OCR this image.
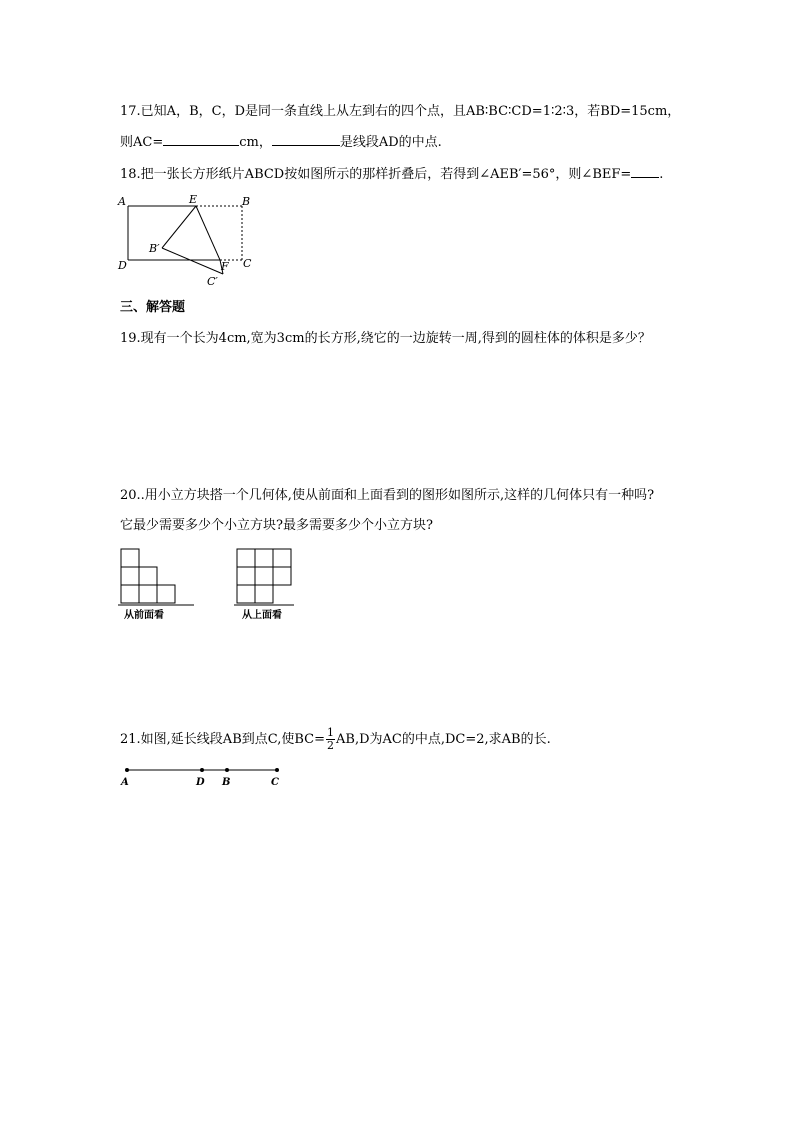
17.已知A，B，C，D是同一条直线上从左到右的四个点，且AB∶BC∶CD=1∶2∶3，若BD=15cm，
则AC=	cm，	是线段AD的中点.
18.把一张长方形纸片ABCD按如图所示的那样折叠后，若得到∠AEB′=56°，则∠BEF= .
A	E	B
B′
D	F C
C′
三、解答题
19.现有一个长为4cm,宽为3cm的长方形,绕它的一边旋转一周,得到的圆柱体的体积是多少？
20..用小立方块搭一个几何体,使从前面和上面看到的图形如图所示,这样的几何体只有一种吗?
它最少需要多少个小立方块?最多需要多少个小立方块?
从前面看	从上面看
21.如图,延长线段AB到点C,使$BC= \frac{1}{2} AB,D$为AC的中点,DC=2,求AB的长.
A	D B	C
